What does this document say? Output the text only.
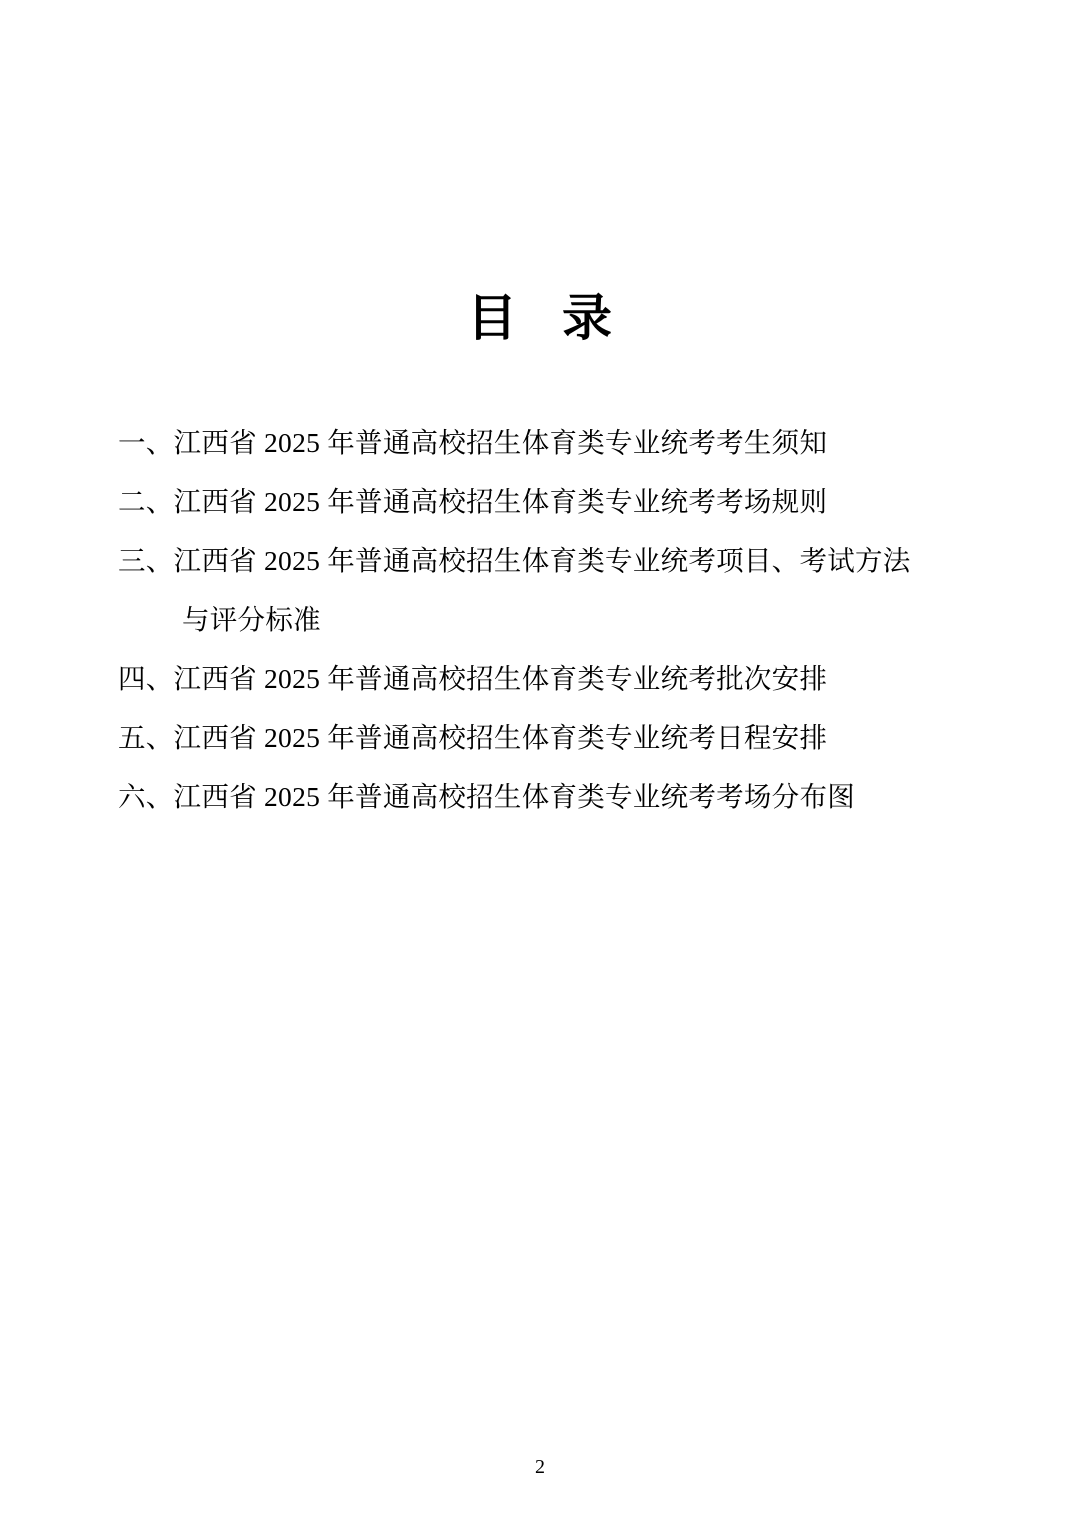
目 录
一、江西省 2025 年普通高校招生体育类专业统考考生须知
二、江西省 2025 年普通高校招生体育类专业统考考场规则
三、江西省 2025 年普通高校招生体育类专业统考项目、考试方法
与评分标准
四、江西省 2025 年普通高校招生体育类专业统考批次安排
五、江西省 2025 年普通高校招生体育类专业统考日程安排
六、江西省 2025 年普通高校招生体育类专业统考考场分布图
2
